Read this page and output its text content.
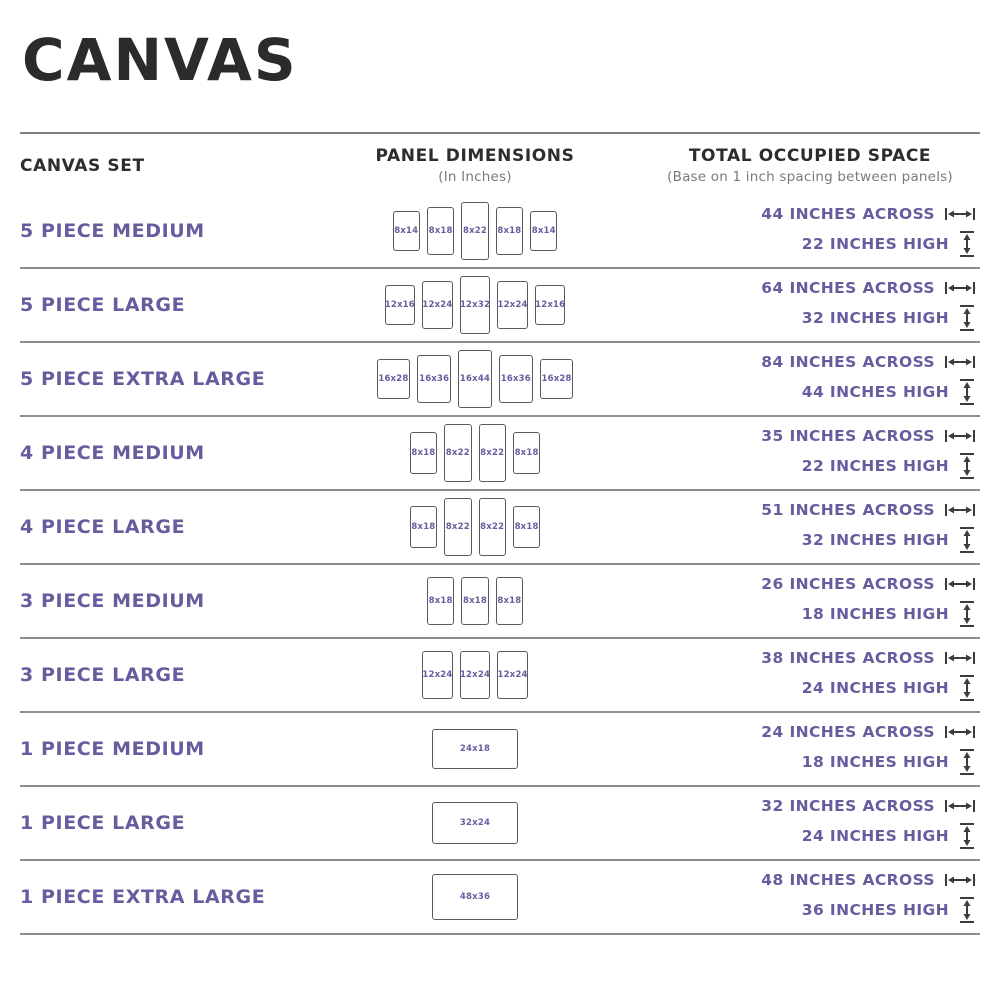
CANVAS
CANVAS SET	PANEL DIMENSIONS
(In Inches)
TOTAL OCCUPIED SPACE
(Base on 1 inch spacing between panels)
5 PIECE MEDIUM	8x14 8x18 8x22 8x18 8x14
44 INCHES ACROSS
22 INCHES HIGH
5 PIECE LARGE	12x16 12x24 12x32 12x24 12x16
64 INCHES ACROSS
32 INCHES HIGH
5 PIECE EXTRA LARGE	16x28 16x36 16x44 16x36 16x28
84 INCHES ACROSS
44 INCHES HIGH
4 PIECE MEDIUM	8x18 8x22 8x22 8x18
35 INCHES ACROSS
22 INCHES HIGH
4 PIECE LARGE	8x18 8x22 8x22 8x18
51 INCHES ACROSS
32 INCHES HIGH
3 PIECE MEDIUM	8x18 8x18 8x18
26 INCHES ACROSS
18 INCHES HIGH
3 PIECE LARGE	12x24 12x24 12x24
38 INCHES ACROSS
24 INCHES HIGH
1 PIECE MEDIUM	24x18
24 INCHES ACROSS
18 INCHES HIGH
1 PIECE LARGE	32x24
32 INCHES ACROSS
24 INCHES HIGH
1 PIECE EXTRA LARGE	48x36
48 INCHES ACROSS
36 INCHES HIGH
